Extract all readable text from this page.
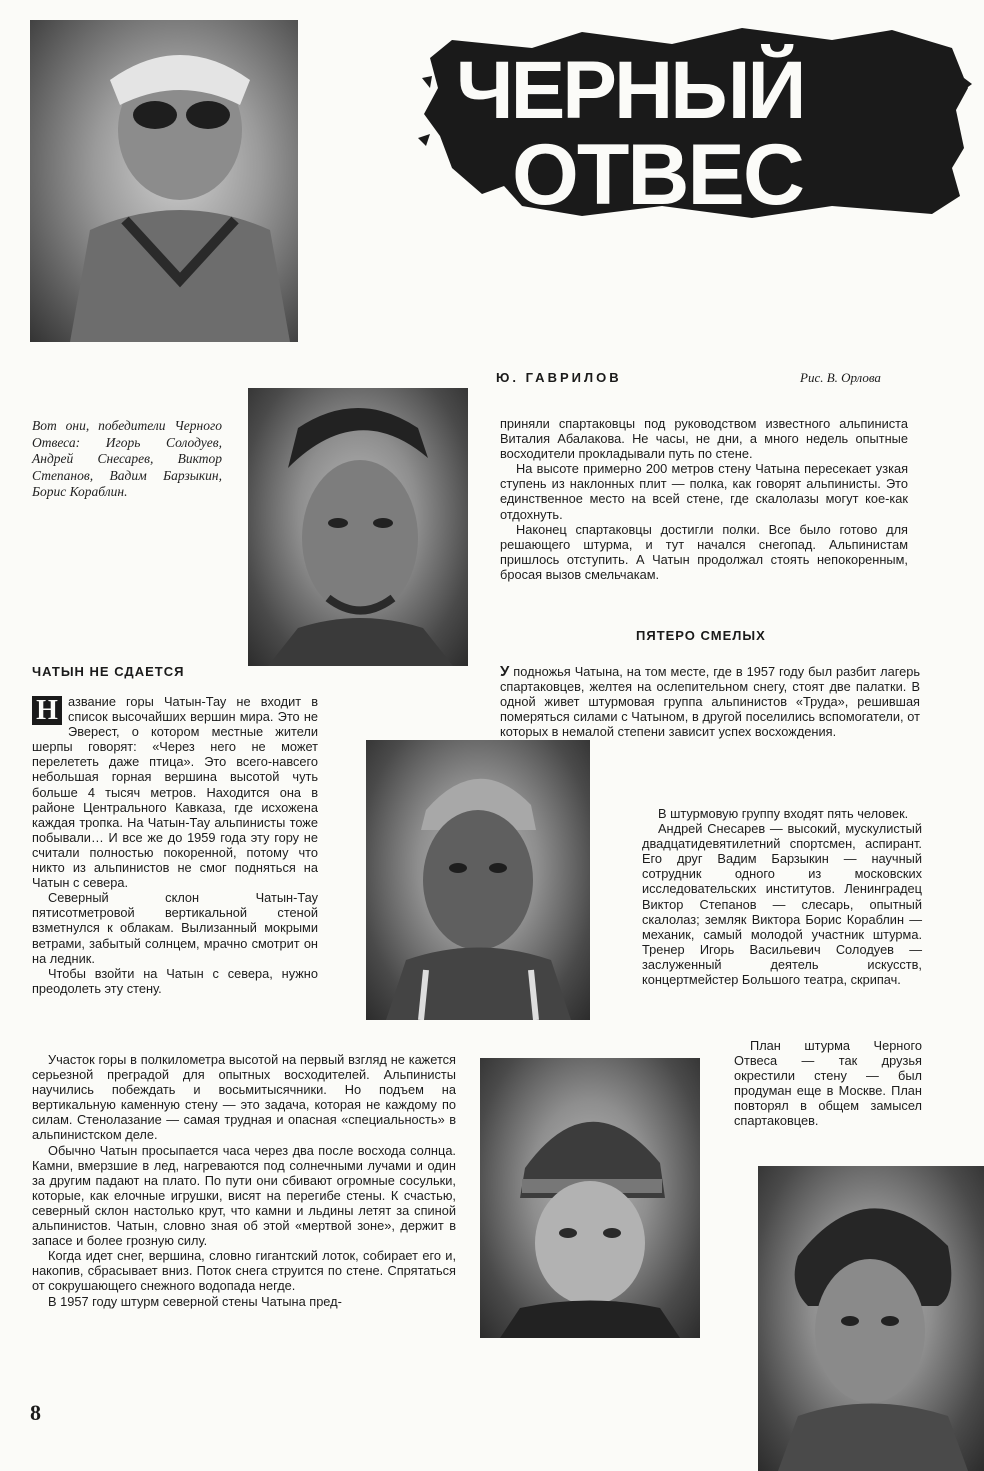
ЧЕРНЫЙ
ОТВЕС
Ю. ГАВРИЛОВ	Рис. В. Орлова
Вот они, победители Черного Отвеса: Игорь Солодуев, Андрей Снесарев, Виктор Степанов, Вадим Барзыкин, Борис Кораблин.
ЧАТЫН НЕ СДАЕТСЯ

Н азвание горы Чатын-Тау не входит в список высочайших вершин мира. Это не Эверест, о котором местные жители шерпы говорят: «Через него не может перелететь даже птица». Это всего-навсего небольшая горная вершина высотой чуть больше 4 тысяч метров. Находится она в районе Центрального Кавказа, где исхожена каждая тропка. На Чатын-Тау альпинисты тоже побывали… И все же до 1959 года эту гору не считали полностью покоренной, потому что никто из альпинистов не смог подняться на Чатын с севера.

Северный склон Чатын-Тау пятисотметровой вертикальной стеной взметнулся к облакам. Вылизанный мокрыми ветрами, забытый солнцем, мрачно смотрит он на ледник.

Чтобы взойти на Чатын с севера, нужно преодолеть эту стену.

Участок горы в полкилометра высотой на первый взгляд не кажется серьезной преградой для опытных восходителей. Альпинисты научились побеждать и восьмитысячники. Но подъем на вертикальную каменную стену — это задача, которая не каждому по силам. Стенолазание — самая трудная и опасная «специальность» в альпинистском деле.

Обычно Чатын просыпается часа через два после восхода солнца. Камни, вмерзшие в лед, нагреваются под солнечными лучами и один за другим падают на плато. По пути они сбивают огромные сосульки, которые, как елочные игрушки, висят на перегибе стены. К счастью, северный склон настолько крут, что камни и льдины летят за спиной альпинистов. Чатын, словно зная об этой «мертвой зоне», держит в запасе и более грозную силу.

Когда идет снег, вершина, словно гигантский лоток, собирает его и, накопив, сбрасывает вниз. Поток снега струится по стене. Спрятаться от сокрушающего снежного водопада негде.

В 1957 году штурм северной стены Чатына пред-

приняли спартаковцы под руководством известного альпиниста Виталия Абалакова. Не часы, не дни, а много недель опытные восходители прокладывали путь по стене.

На высоте примерно 200 метров стену Чатына пересекает узкая ступень из наклонных плит — полка, как говорят альпинисты. Это единственное место на всей стене, где скалолазы могут кое-как отдохнуть.

Наконец спартаковцы достигли полки. Все было готово для решающего штурма, и тут начался снегопад. Альпинистам пришлось отступить. А Чатын продолжал стоять непокоренным, бросая вызов смельчакам.

ПЯТЕРО СМЕЛЫХ

У подножья Чатына, на том месте, где в 1957 году был разбит лагерь спартаковцев, желтея на ослепительном снегу, стоят две палатки. В одной живет штурмовая группа альпинистов «Труда», решившая померяться силами с Чатыном, в другой поселились вспомогатели, от которых в немалой степени зависит успех восхождения.

В штурмовую группу входят пять человек.

Андрей Снесарев — высокий, мускулистый двадцатидевятилетний спортсмен, аспирант. Его друг Вадим Барзыкин — научный сотрудник одного из московских исследовательских институтов. Ленинградец Виктор Степанов — слесарь, опытный скалолаз; земляк Виктора Борис Кораблин — механик, самый молодой участник штурма. Тренер Игорь Васильевич Солодуев — заслуженный деятель искусств, концертмейстер Большого театра, скрипач.

План штурма Черного Отвеса — так друзья окрестили стену — был продуман еще в Москве. План повторял в общем замысел спартаковцев.

8
